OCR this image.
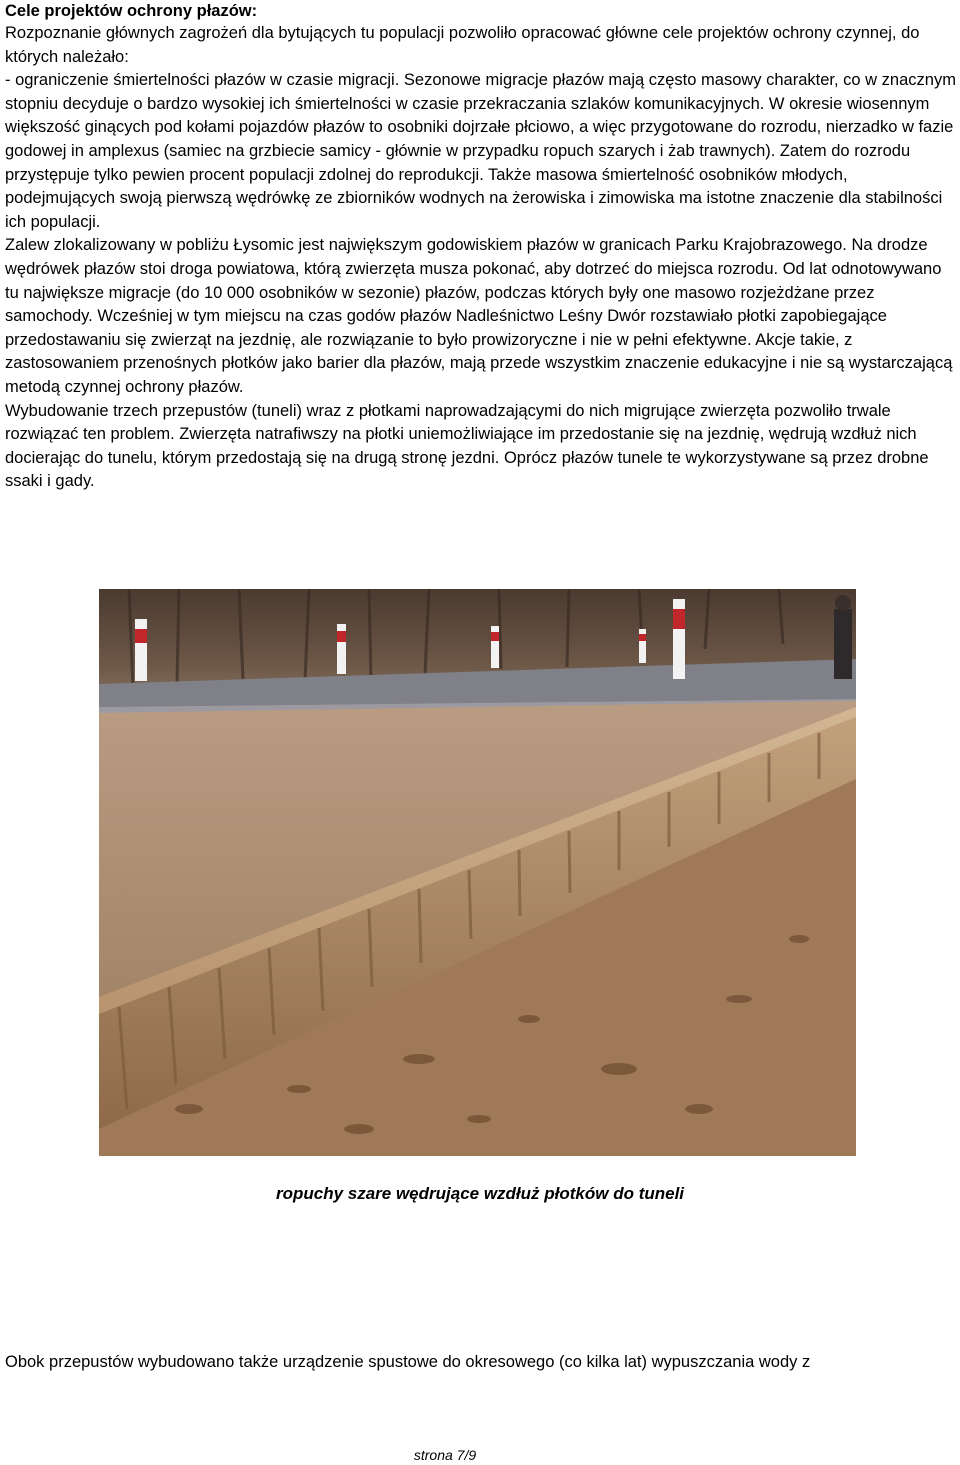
Cele projektów ochrony płazów:

Rozpoznanie głównych zagrożeń dla bytujących tu populacji pozwoliło opracować główne cele projektów ochrony czynnej, do których należało:

- ograniczenie śmiertelności płazów w czasie migracji. Sezonowe migracje płazów mają często masowy charakter, co w znacznym stopniu decyduje o bardzo wysokiej ich śmiertelności w czasie przekraczania szlaków komunikacyjnych. W okresie wiosennym większość ginących pod kołami pojazdów płazów to osobniki dojrzałe płciowo, a więc przygotowane do rozrodu, nierzadko w fazie godowej in amplexus (samiec na grzbiecie samicy - głównie w przypadku ropuch szarych i żab trawnych). Zatem do rozrodu przystępuje tylko pewien procent populacji zdolnej do reprodukcji. Także masowa śmiertelność osobników młodych, podejmujących swoją pierwszą wędrówkę ze zbiorników wodnych na żerowiska i zimowiska ma istotne znaczenie dla stabilności ich populacji.

Zalew zlokalizowany w pobliżu Łysomic jest największym godowiskiem płazów w granicach Parku Krajobrazowego. Na drodze wędrówek płazów stoi droga powiatowa, którą zwierzęta musza pokonać, aby dotrzeć do miejsca rozrodu. Od lat odnotowywano tu największe migracje (do 10 000 osobników w sezonie) płazów, podczas których były one masowo rozjeżdżane przez samochody. Wcześniej w tym miejscu na czas godów płazów Nadleśnictwo Leśny Dwór rozstawiało płotki zapobiegające przedostawaniu się zwierząt na jezdnię, ale rozwiązanie to było prowizoryczne i nie w pełni efektywne. Akcje takie, z zastosowaniem przenośnych płotków jako barier dla płazów, mają przede wszystkim znaczenie edukacyjne i nie są wystarczającą metodą czynnej ochrony płazów.

Wybudowanie trzech przepustów (tuneli) wraz z płotkami naprowadzającymi do nich migrujące zwierzęta pozwoliło trwale rozwiązać ten problem. Zwierzęta natrafiwszy na płotki uniemożliwiające im przedostanie się na jezdnię, wędrują wzdłuż nich docierając do tunelu, którym przedostają się na drugą stronę jezdni. Oprócz płazów tunele te wykorzystywane są przez drobne ssaki i gady.

ropuchy szare wędrujące wzdłuż płotków do tuneli

Obok przepustów wybudowano także urządzenie spustowe do okresowego (co kilka lat) wypuszczania wody z

strona 7/9
